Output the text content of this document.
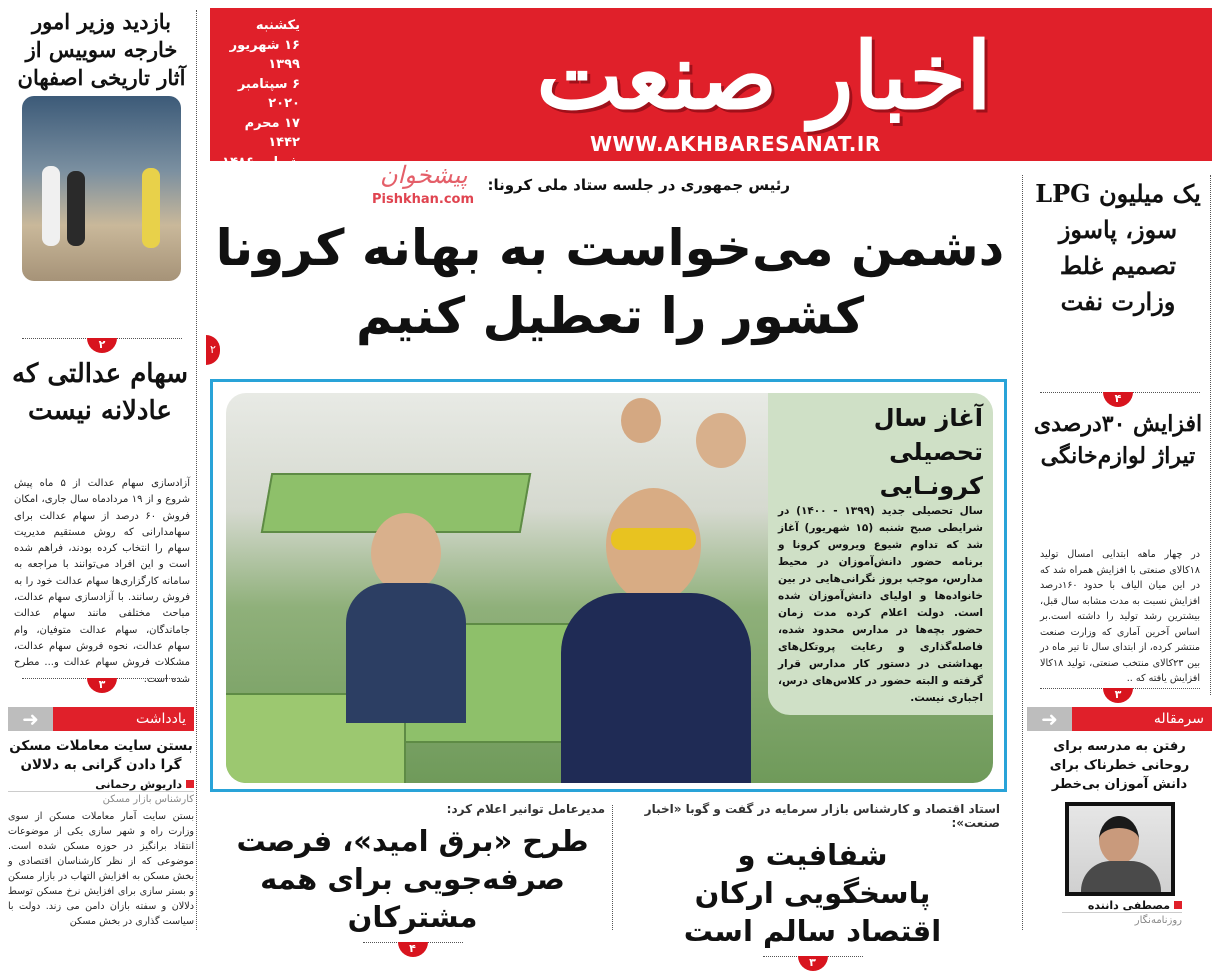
یکشنبه
۱۶ شهریور ۱۳۹۹
۶ سپتامبر ۲۰۲۰
۱۷ محرم ۱۴۴۲
شماره ۱۴۸۶
۸ صفحه
۲۰۰۰ تومان
اخبار صنعت
WWW.AKHBARESANAT.IR
پیشخوان
Pishkhan.com
رئیس جمهوری در جلسه ستاد ملی کرونا:
دشمن می‌خواست به بهانه کرونا
کشور را تعطیل کنیم
۲
آغاز سال تحصیلی کرونـایی
سال تحصیلی جدید (۱۳۹۹ - ۱۴۰۰) در شرایطی صبح شنبه (۱۵ شهریور) آغاز شد که تداوم شیوع ویروس کرونا و برنامه حضور دانش‌آموزان در محیط مدارس، موجب بروز نگرانی‌هایی در بین خانواده‌ها و اولیای دانش‌آموزان شده است. دولت اعلام کرده مدت زمان حضور بچه‌ها در مدارس محدود شده، فاصله‌گذاری و رعایت پروتکل‌های بهداشتی در دستور کار مدارس قرار گرفته و البته حضور در کلاس‌های درس، اجباری نیست.
بازدید وزیر امور خارجه سوییس از آثار تاریخی اصفهان
۲
سهام عدالتی که عادلانه نیست
آزادسازی سهام عدالت از ۵ ماه پیش شروع و از ۱۹ مردادماه سال جاری، امکان فروش ۶۰ درصد از سهام عدالت برای سهامدارانی که روش مستقیم مدیریت سهام را انتخاب کرده بودند، فراهم شده است و این افراد می‌توانند با مراجعه به سامانه کارگزاری‌ها سهام عدالت خود را به فروش رسانند. با آزادسازی سهام عدالت، مباحث مختلفی مانند سهام عدالت جاماندگان، سهام عدالت متوفیان، وام سهام عدالت، نحوه فروش سهام عدالت، مشکلات فروش سهام عدالت و... مطرح شده است.
۳
➜	یادداشت
بستن سایت معاملات مسکن گرا دادن گرانی به دلالان
داریوش رحمانی
کارشناس بازار مسکن
بستن سایت آمار معاملات مسکن از سوی وزارت راه و شهر سازی یکی از موضوعات انتقاد برانگیز در حوزه مسکن شده است. موضوعی که از نظر کارشناسان اقتصادی و بخش مسکن به افزایش التهاب در بازار مسکن و بستر سازی برای افزایش نرخ مسکن توسط دلالان و سفته بازان دامن می زند. دولت با سیاست گذاری در بخش مسکن
یک میلیون LPG سوز، پاسوز تصمیم غلط وزارت نفت
۴
افزایش ۳۰درصدی تیراژ لوازم‌خانگی
در چهار ماهه ابتدایی امسال تولید ۱۸کالای صنعتی با افزایش همراه شد که در این میان الیاف با حدود ۱۶۰درصد افزایش نسبت به مدت مشابه سال قبل، بیشترین رشد تولید را داشته است.بر اساس آخرین آماری که وزارت صنعت منتشر کرده، از ابتدای سال تا تیر ماه در بین ۲۳کالای منتخب صنعتی، تولید ۱۸کالا افزایش یافته که ..
۳
➜	سرمقاله
رفتن به مدرسه برای روحانی خطرناک برای دانش آموزان بی‌خطر
مصطفی داننده
روزنامه‌نگار
استاد اقتصاد و کارشناس بازار سرمایه در گفت و گوبا «اخبار صنعت»:
شفافیت و پاسخگویی ارکان اقتصاد سالم است
۳
مدیرعامل توانیر اعلام کرد:
طرح «برق امید»، فرصت صرفه‌جویی برای همه مشترکان
۴
